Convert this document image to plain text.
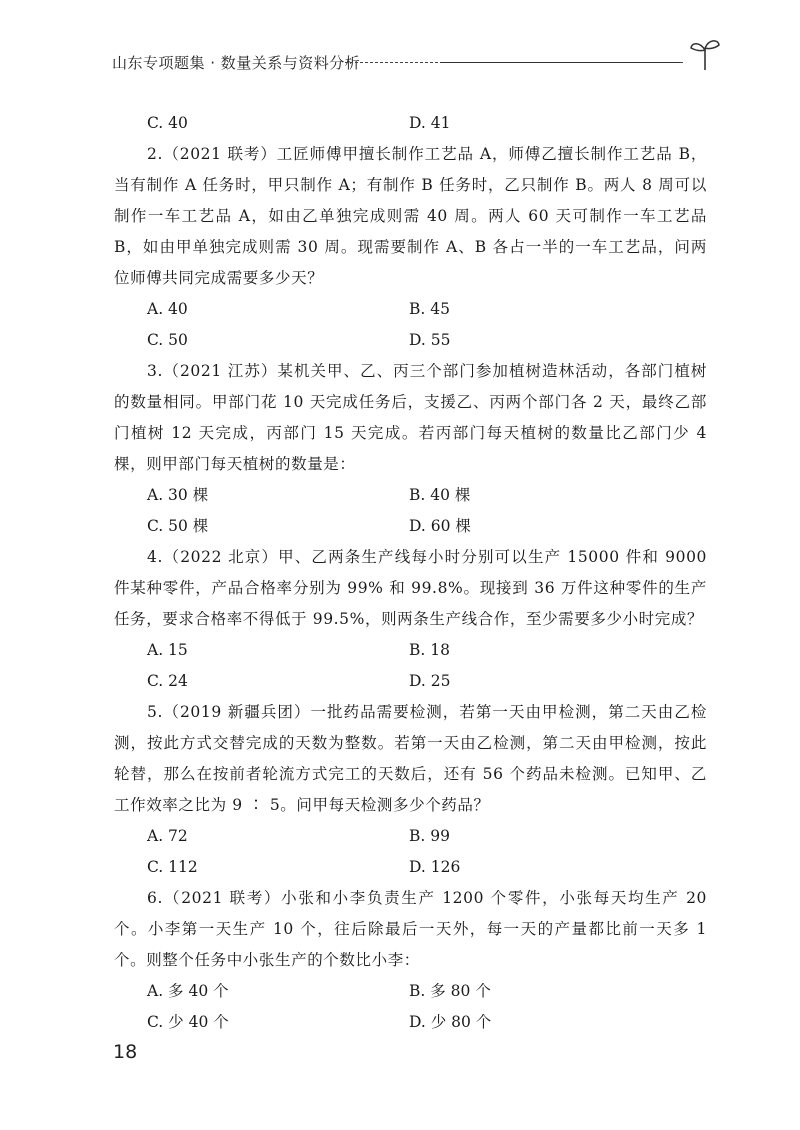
山东专项题集 · 数量关系与资料分析
C. 40	D. 41

2.（2021 联考）工匠师傅甲擅长制作工艺品 A，师傅乙擅长制作工艺品 B，当有制作 A 任务时，甲只制作 A；有制作 B 任务时，乙只制作 B。两人 8 周可以制作一车工艺品 A，如由乙单独完成则需 40 周。两人 60 天可制作一车工艺品 B，如由甲单独完成则需 30 周。现需要制作 A、B 各占一半的一车工艺品，问两位师傅共同完成需要多少天？

A. 40	B. 45
C. 50	D. 55

3.（2021 江苏）某机关甲、乙、丙三个部门参加植树造林活动，各部门植树的数量相同。甲部门花 10 天完成任务后，支援乙、丙两个部门各 2 天，最终乙部门植树 12 天完成，丙部门 15 天完成。若丙部门每天植树的数量比乙部门少 4 棵，则甲部门每天植树的数量是：

A. 30 棵	B. 40 棵
C. 50 棵	D. 60 棵

4.（2022 北京）甲、乙两条生产线每小时分别可以生产 15000 件和 9000 件某种零件，产品合格率分别为 99% 和 99.8%。现接到 36 万件这种零件的生产任务，要求合格率不得低于 99.5%，则两条生产线合作，至少需要多少小时完成？

A. 15	B. 18
C. 24	D. 25

5.（2019 新疆兵团）一批药品需要检测，若第一天由甲检测，第二天由乙检测，按此方式交替完成的天数为整数。若第一天由乙检测，第二天由甲检测，按此轮替，那么在按前者轮流方式完工的天数后，还有 56 个药品未检测。已知甲、乙工作效率之比为 9 ∶ 5。问甲每天检测多少个药品？

A. 72	B. 99
C. 112	D. 126

6.（2021 联考）小张和小李负责生产 1200 个零件，小张每天均生产 20 个。小李第一天生产 10 个，往后除最后一天外，每一天的产量都比前一天多 1 个。则整个任务中小张生产的个数比小李：

A. 多 40 个	B. 多 80 个
C. 少 40 个	D. 少 80 个
18
